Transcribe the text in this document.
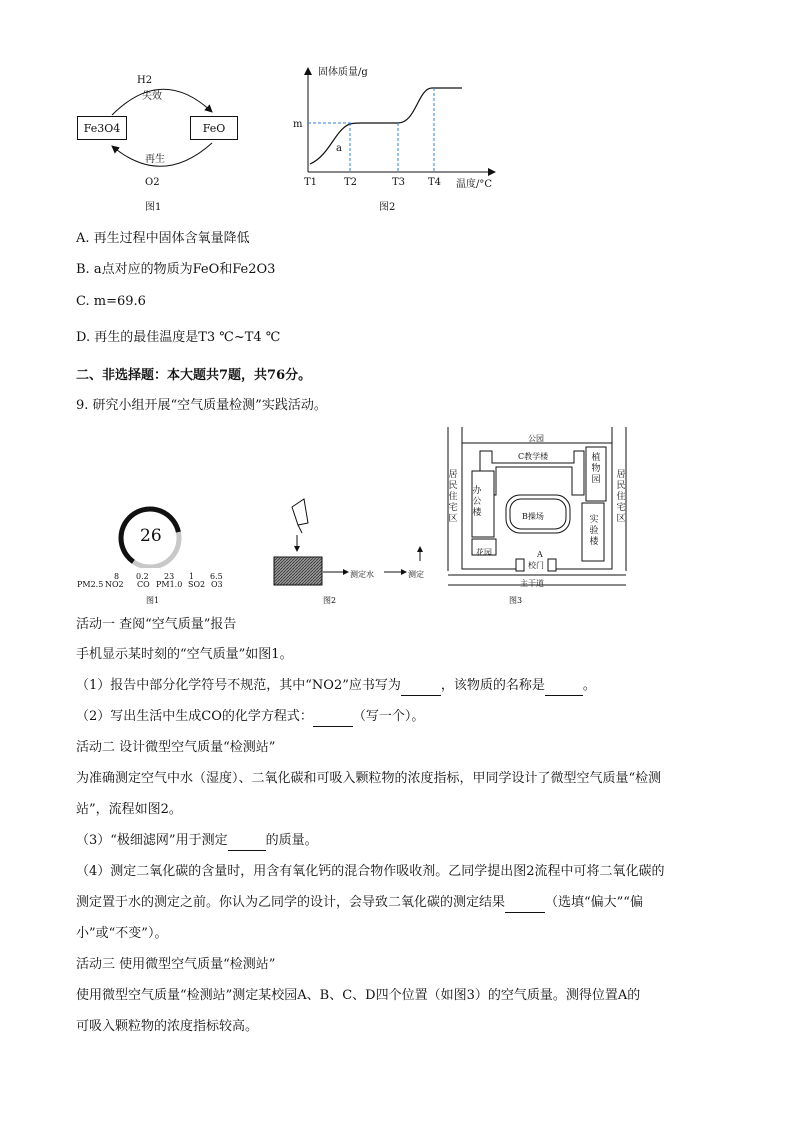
Fe3O4	FeO
H2
失效
再生
O2
图1
固体质量/g
m
a
T1	T2	T3 T4 温度/°C
图2
A. 再生过程中固体含氧量降低
B. a点对应的物质为FeO和Fe2O3
C. m=69.6
D. 再生的最佳温度是T3 ℃~T4 ℃
二、非选择题：本大题共7题，共76分。
9. 研究小组开展“空气质量检测”实践活动。
26
8 0.2 23 1 6.5
PM2.5 NO2 CO PM1.0 SO2 O3
图1
测定水	测定
图2
公园
C教学楼	植物园
居民住宅区
居民住宅区
办公楼	B操场	实验楼
花园	A
校门
主干道
图3
活动一 查阅“空气质量”报告
手机显示某时刻的“空气质量”如图1。
（1）报告中部分化学符号不规范，其中“NO2”应书写为	，该物质的名称是	。
（2）写出生活中生成CO的化学方程式：	（写一个）。
活动二 设计微型空气质量“检测站”
为准确测定空气中水（湿度）、二氧化碳和可吸入颗粒物的浓度指标，甲同学设计了微型空气质量“检测
站”，流程如图2。
（3）“极细滤网”用于测定	的质量。
（4）测定二氧化碳的含量时，用含有氧化钙的混合物作吸收剂。乙同学提出图2流程中可将二氧化碳的
测定置于水的测定之前。你认为乙同学的设计，会导致二氧化碳的测定结果	（选填“偏大”“偏
小”或“不变”）。
活动三 使用微型空气质量“检测站”
使用微型空气质量“检测站”测定某校园A、B、C、D四个位置（如图3）的空气质量。测得位置A的
可吸入颗粒物的浓度指标较高。
